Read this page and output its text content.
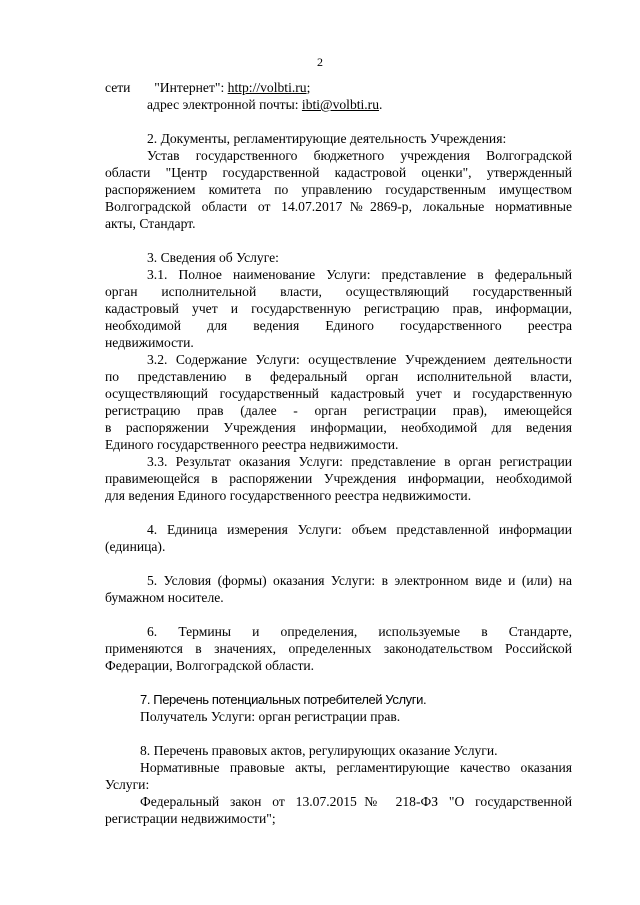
2
сети "Интернет": http://volbti.ru;
адрес электронной почты: ibti@volbti.ru.
2. Документы, регламентирующие деятельность Учреждения:
Устав государственного бюджетного учреждения Волгоградской
области "Центр государственной кадастровой оценки", утвержденный
распоряжением комитета по управлению государственным имуществом
Волгоградской области от 14.07.2017№2869-р, локальные нормативные
акты, Стандарт.
3. Сведения об Услуге:
3.1. Полное наименование Услуги: представление в федеральный
орган исполнительной власти, осуществляющий государственный
кадастровый учет и государственную регистрацию прав, информации,
необходимой для ведения Единого государственного реестра
недвижимости.
3.2. Содержание Услуги: осуществление Учреждением деятельности
по представлению в федеральный орган исполнительной власти,
осуществляющий государственный кадастровый учет и государственную
регистрацию прав (далее - орган регистрации прав), имеющейся
в распоряжении Учреждения информации, необходимой для ведения
Единого государственного реестра недвижимости.
3.3. Результат оказания Услуги: представление в орган регистрации
правимеющейся в распоряжении Учреждения информации, необходимой
для ведения Единого государственного реестра недвижимости.
4. Единица измерения Услуги: объем представленной информации
(единица).
5. Условия (формы) оказания Услуги: в электронном виде и (или) на
бумажном носителе.
6. Термины и определения, используемые в Стандарте,
применяются в значениях, определенных законодательством Российской
Федерации, Волгоградской области.
7. Перечень потенциальных потребителей Услуги.
Получатель Услуги: орган регистрации прав.
8. Перечень правовых актов, регулирующих оказание Услуги.
Нормативные правовые акты, регламентирующие качество оказания
Услуги:
Федеральный закон от 13.07.2015№ 218-ФЗ "О государственной
регистрации недвижимости";
